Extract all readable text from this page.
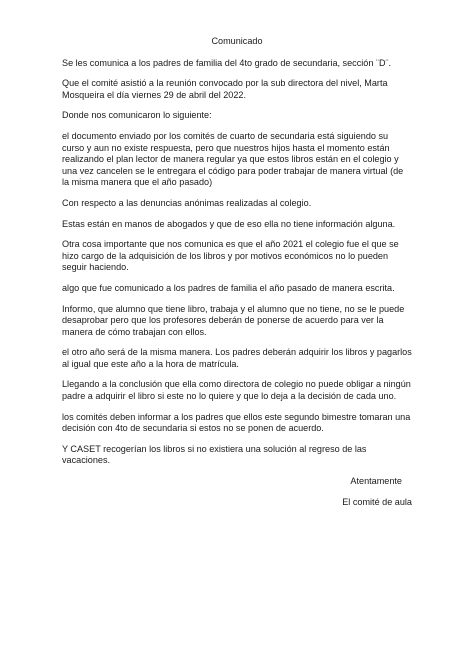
Comunicado

Se les comunica a los padres de familia del 4to grado de secundaria, sección ¨D¨.

Que el comité asistió a la reunión convocado por la sub directora del nivel, Marta Mosqueira el día viernes 29 de abril del 2022.

Donde nos comunicaron lo siguiente:

el documento enviado por los comités de cuarto de secundaria está siguiendo su curso y aun no existe respuesta, pero que nuestros hijos hasta el momento están realizando el plan lector de manera regular ya que estos libros están en el colegio y una vez cancelen se le entregara el código para poder trabajar de manera virtual (de la misma manera que el año pasado)

Con respecto a las denuncias anónimas realizadas al colegio.

Estas están en manos de abogados y que de eso ella no tiene información alguna.

Otra cosa importante que nos comunica es que el año 2021 el colegio fue el que se hizo cargo de la adquisición de los libros y por motivos económicos no lo pueden seguir haciendo.

algo que fue comunicado a los padres de familia el año pasado de manera escrita.

Informo, que alumno que tiene libro, trabaja y el alumno que no tiene, no se le puede desaprobar pero que los profesores deberán de ponerse de acuerdo para ver la manera de cómo trabajan con ellos.

el otro año será de la misma manera. Los padres deberán adquirir los libros y pagarlos al igual que este año a la hora de matrícula.

Llegando a la conclusión que ella como directora de colegio no puede obligar a ningún padre a adquirir el libro si este no lo quiere y que lo deja a la decisión de cada uno.

los comités deben informar a los padres que ellos este segundo bimestre tomaran una decisión con 4to de secundaria si estos no se ponen de acuerdo.

Y CASET recogerían los libros si no existiera una solución al regreso de las vacaciones.

Atentamente
El comité de aula
